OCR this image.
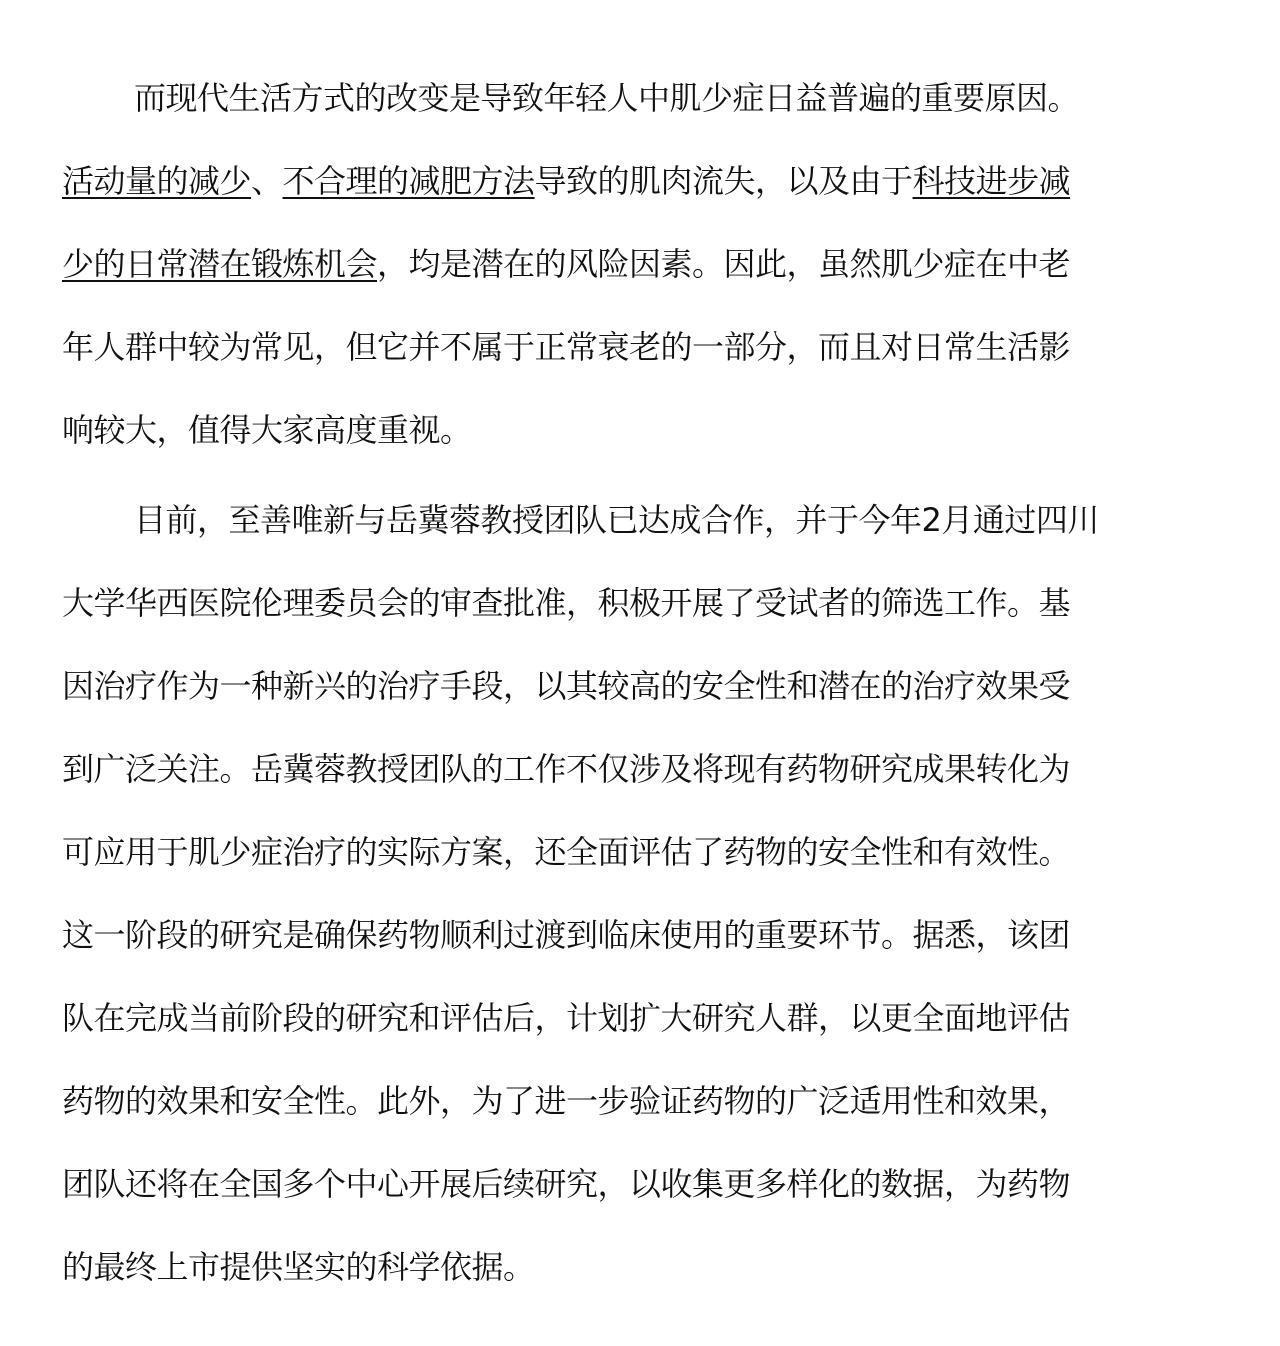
而现代生活方式的改变是导致年轻人中肌少症日益普遍的重要原因。
活动量的减少、不合理的减肥方法导致的肌肉流失，以及由于科技进步减
少的日常潜在锻炼机会，均是潜在的风险因素。因此，虽然肌少症在中老
年人群中较为常见，但它并不属于正常衰老的一部分，而且对日常生活影
响较大，值得大家高度重视。
目前，至善唯新与岳冀蓉教授团队已达成合作，并于今年2月通过四川
大学华西医院伦理委员会的审查批准，积极开展了受试者的筛选工作。基
因治疗作为一种新兴的治疗手段，以其较高的安全性和潜在的治疗效果受
到广泛关注。岳冀蓉教授团队的工作不仅涉及将现有药物研究成果转化为
可应用于肌少症治疗的实际方案，还全面评估了药物的安全性和有效性。
这一阶段的研究是确保药物顺利过渡到临床使用的重要环节。据悉，该团
队在完成当前阶段的研究和评估后，计划扩大研究人群，以更全面地评估
药物的效果和安全性。此外，为了进一步验证药物的广泛适用性和效果，
团队还将在全国多个中心开展后续研究，以收集更多样化的数据，为药物
的最终上市提供坚实的科学依据。
